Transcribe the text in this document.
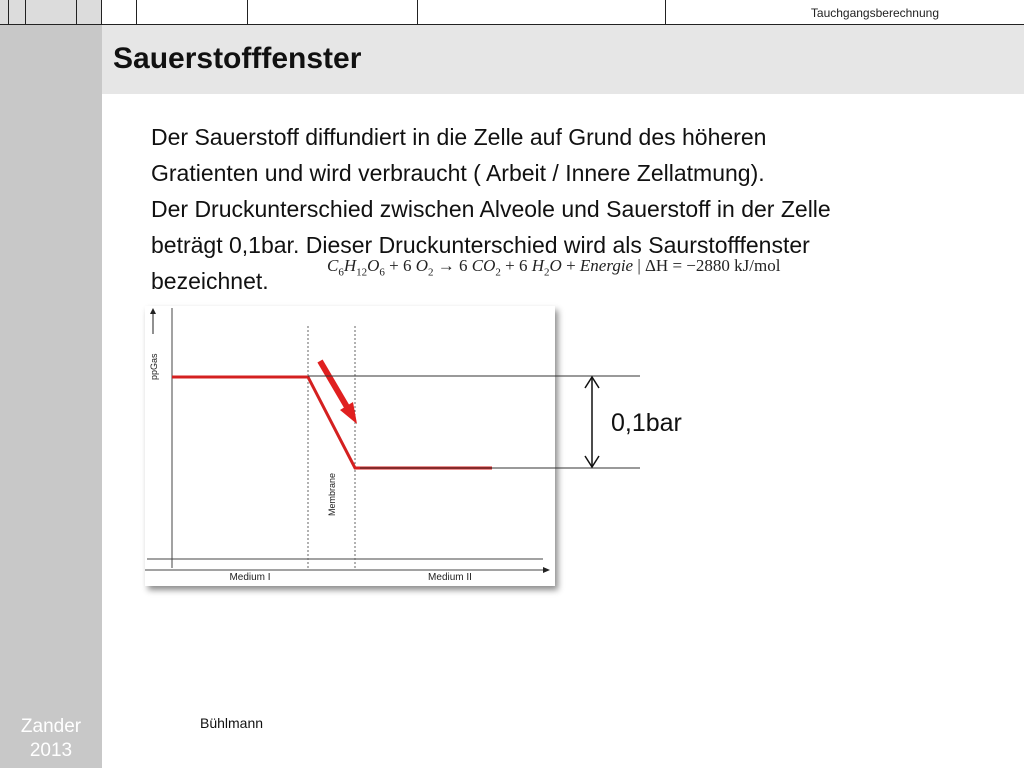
Tauchgangsberechnung
Sauerstofffenster

Der Sauerstoff diffundiert in die Zelle auf Grund des höheren

Gratienten und wird verbraucht ( Arbeit / Innere Zellatmung).

Der Druckunterschied zwischen Alveole und Sauerstoff in der Zelle

beträgt 0,1bar. Dieser Druckunterschied wird als Saurstofffenster

bezeichnet.

$C_6H_{12}O_6 + 6$ $O_2 \to 6$ $CO_2 + 6$ $H_2O$ + Energie | ΔH = −2880 kJ/mol
ppGas
Membrane
Medium I	Medium II
0,1bar
Zander
2013
Bühlmann
